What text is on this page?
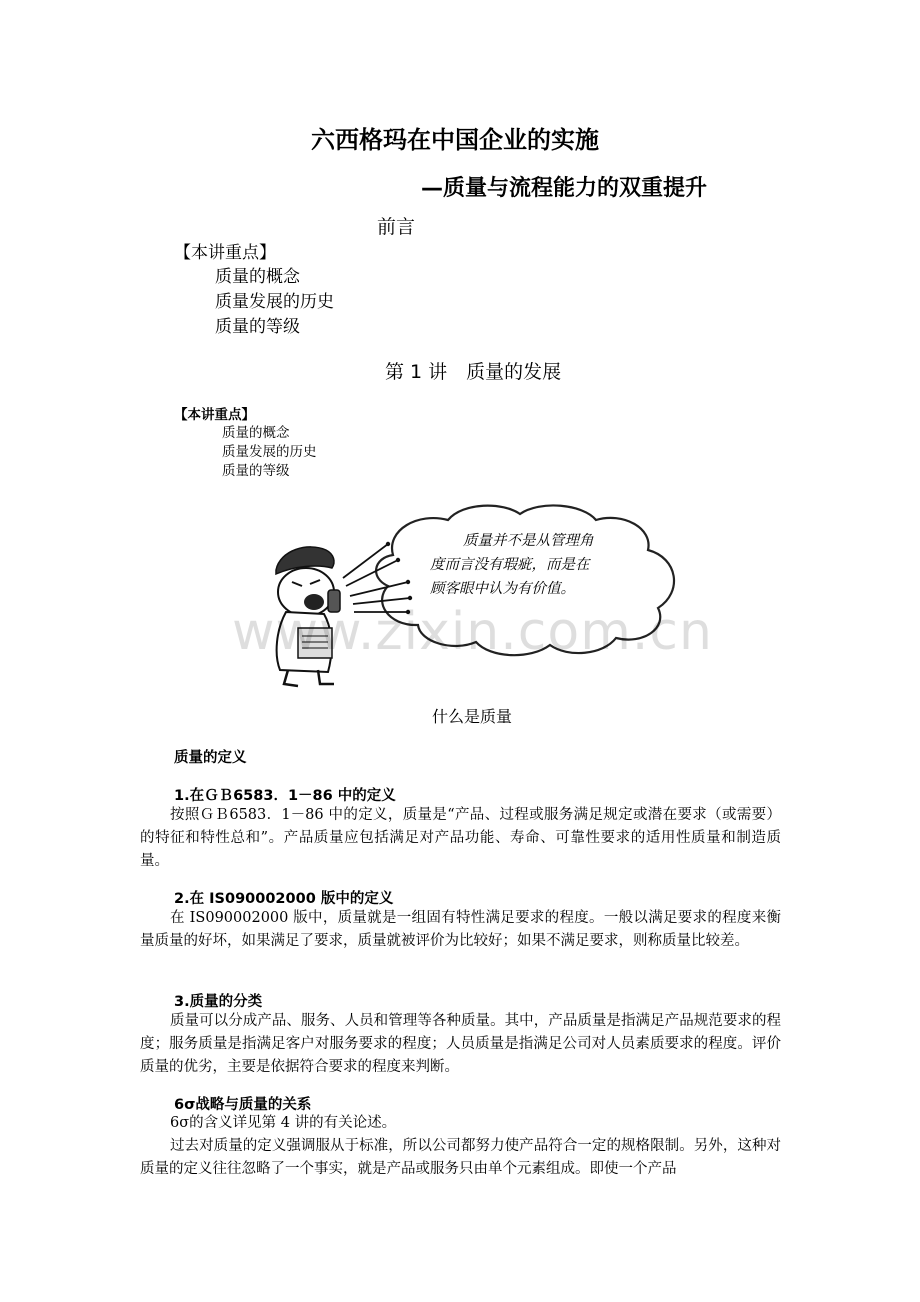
六西格玛在中国企业的实施
—质量与流程能力的双重提升
前言
【本讲重点】
质量的概念
质量发展的历史
质量的等级
第 1 讲　质量的发展
【本讲重点】
质量的概念
质量发展的历史
质量的等级
质量并不是从管理角
度而言没有瑕疵，而是在
顾客眼中认为有价值。
www.zixin.com.cn
什么是质量
质量的定义
1.在ＧＢ6583．1－86 中的定义
按照ＧＢ6583．1－86 中的定义，质量是“产品、过程或服务满足规定或潜在要求（或需要）的特征和特性总和”。产品质量应包括满足对产品功能、寿命、可靠性要求的适用性质量和制造质量。
2.在 IS090002000 版中的定义
在 IS090002000 版中，质量就是一组固有特性满足要求的程度。一般以满足要求的程度来衡量质量的好坏，如果满足了要求，质量就被评价为比较好；如果不满足要求，则称质量比较差。
3.质量的分类
质量可以分成产品、服务、人员和管理等各种质量。其中，产品质量是指满足产品规范要求的程度；服务质量是指满足客户对服务要求的程度；人员质量是指满足公司对人员素质要求的程度。评价质量的优劣，主要是依据符合要求的程度来判断。
6σ战略与质量的关系
6σ的含义详见第 4 讲的有关论述。
过去对质量的定义强调服从于标准，所以公司都努力使产品符合一定的规格限制。另外，这种对质量的定义往往忽略了一个事实，就是产品或服务只由单个元素组成。即使一个产品
